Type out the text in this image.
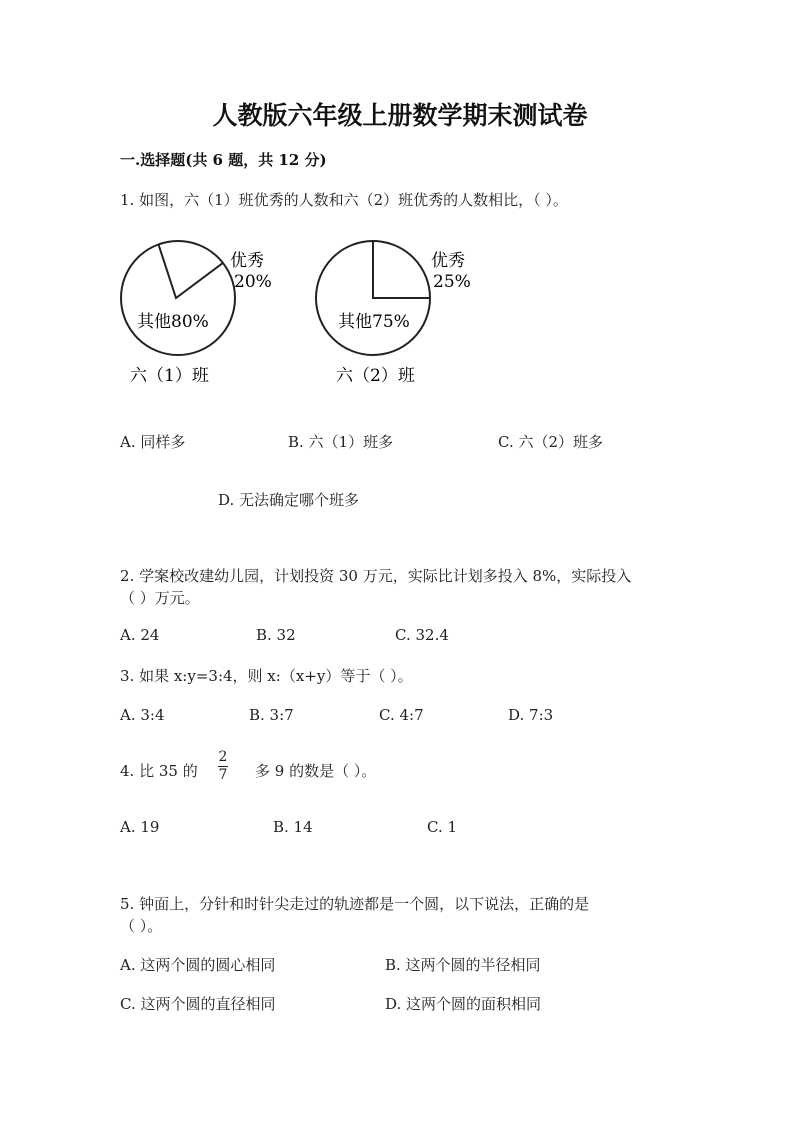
人教版六年级上册数学期末测试卷
一.选择题(共 6 题，共 12 分)
1. 如图，六（1）班优秀的人数和六（2）班优秀的人数相比，（ ）。
优秀
20%
其他80%
六（1）班
优秀
25%
其他75%
六（2）班
A. 同样多	B. 六（1）班多	C. 六（2）班多
D. 无法确定哪个班多
2. 学案校改建幼儿园，计划投资 30 万元，实际比计划多投入 8%，实际投入
（ ）万元。
A. 24	B. 32	C. 32.4
3. 如果 x:y=3:4，则 x:（x+y）等于（ ）。
A. 3:4	B. 3:7	C. 4:7	D. 7:3
4. 比 35 的
2
7 多 9 的数是（ ）。
A. 19	B. 14	C. 1
5. 钟面上，分针和时针尖走过的轨迹都是一个圆，以下说法，正确的是
（ ）。
A. 这两个圆的圆心相同	B. 这两个圆的半径相同
C. 这两个圆的直径相同	D. 这两个圆的面积相同
